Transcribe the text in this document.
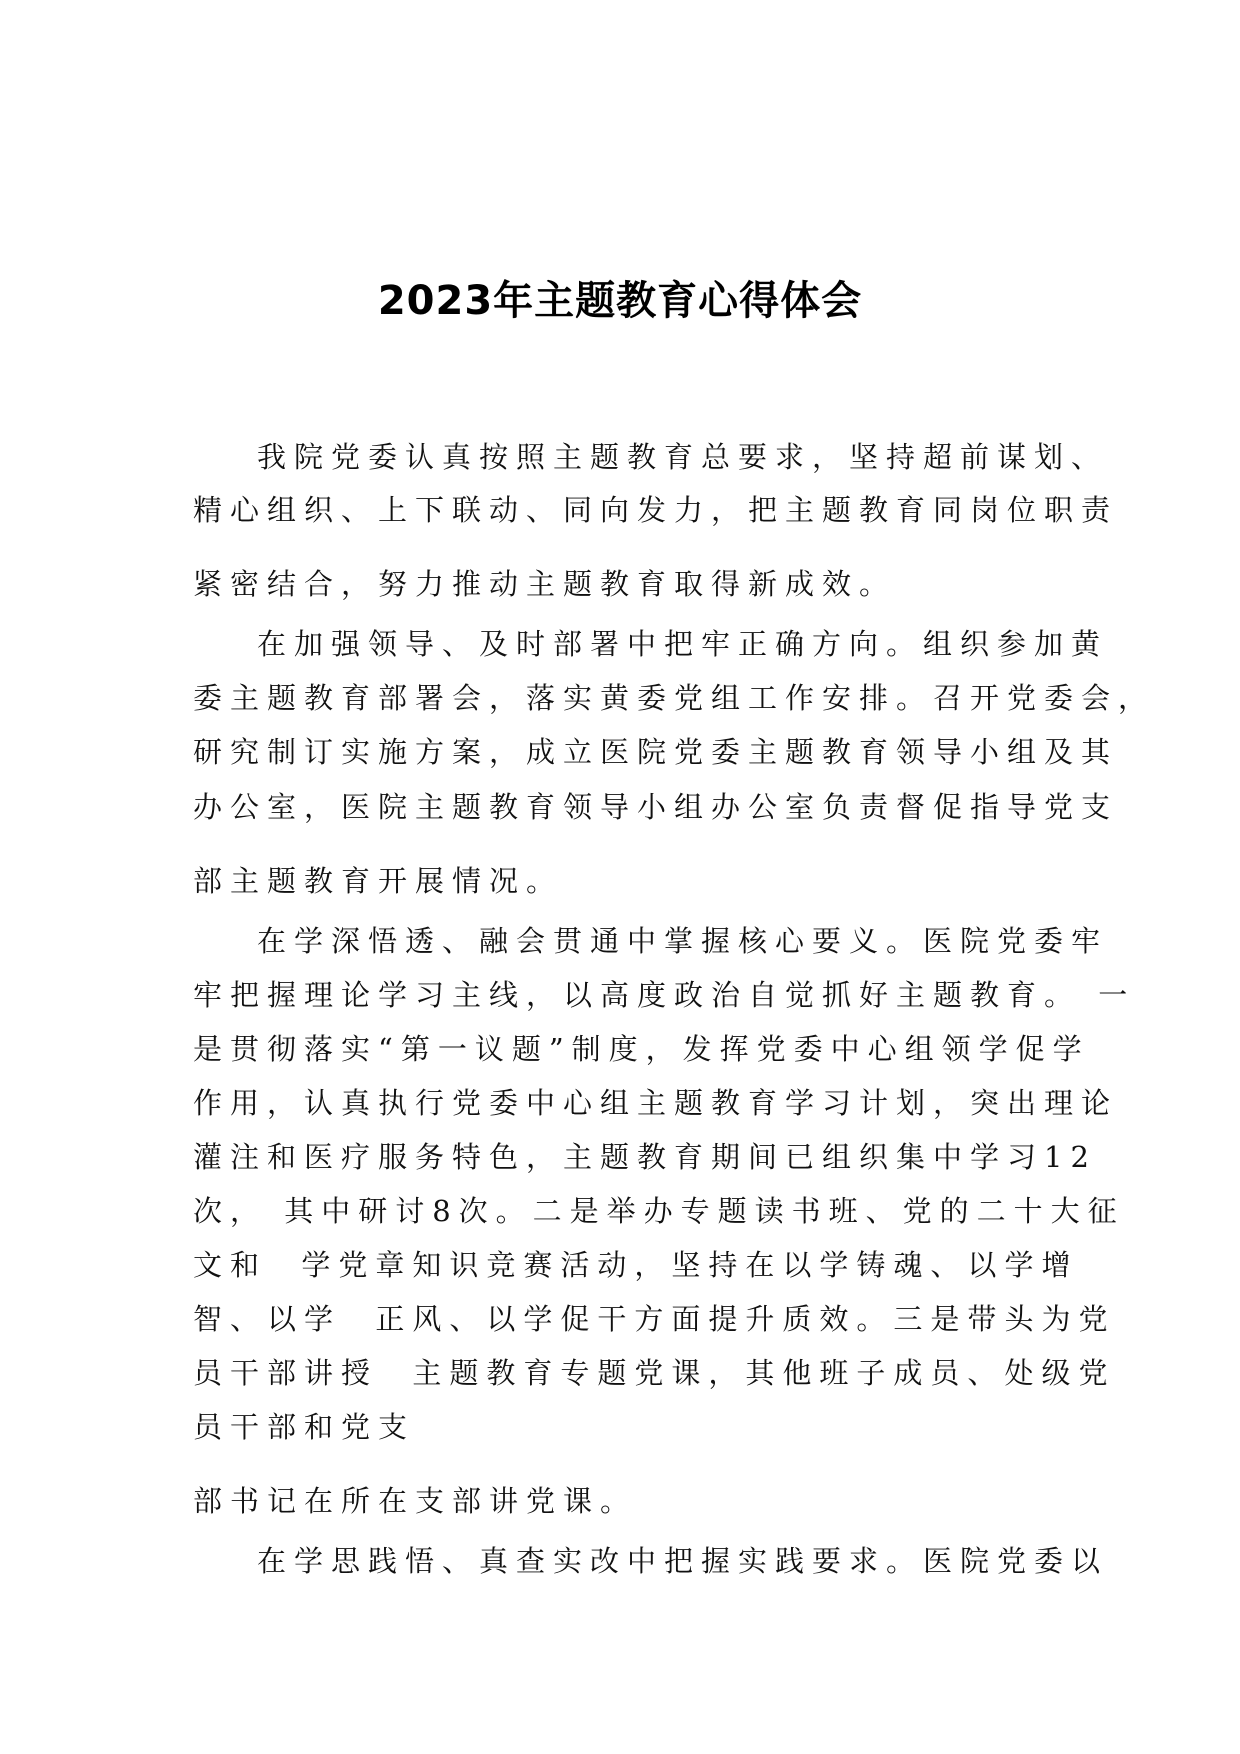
2023年主题教育心得体会
我院党委认真按照主题教育总要求，坚持超前谋划、
精心组织、上下联动、同向发力，把主题教育同岗位职责
紧密结合，努力推动主题教育取得新成效。
在加强领导、及时部署中把牢正确方向。组织参加黄
委主题教育部署会，落实黄委党组工作安排。召开党委会，
研究制订实施方案，成立医院党委主题教育领导小组及其
办公室，医院主题教育领导小组办公室负责督促指导党支
部主题教育开展情况。
在学深悟透、融会贯通中掌握核心要义。医院党委牢
牢把握理论学习主线，以高度政治自觉抓好主题教育。 一
是贯彻落实“第一议题”制度，发挥党委中心组领学促学
作用，认真执行党委中心组主题教育学习计划，突出理论
灌注和医疗服务特色，主题教育期间已组织集中学习12
次， 其中研讨8次。二是举办专题读书班、党的二十大征
文和  学党章知识竞赛活动，坚持在以学铸魂、以学增
智、以学  正风、以学促干方面提升质效。三是带头为党
员干部讲授  主题教育专题党课，其他班子成员、处级党
员干部和党支
部书记在所在支部讲党课。
在学思践悟、真查实改中把握实践要求。医院党委以
